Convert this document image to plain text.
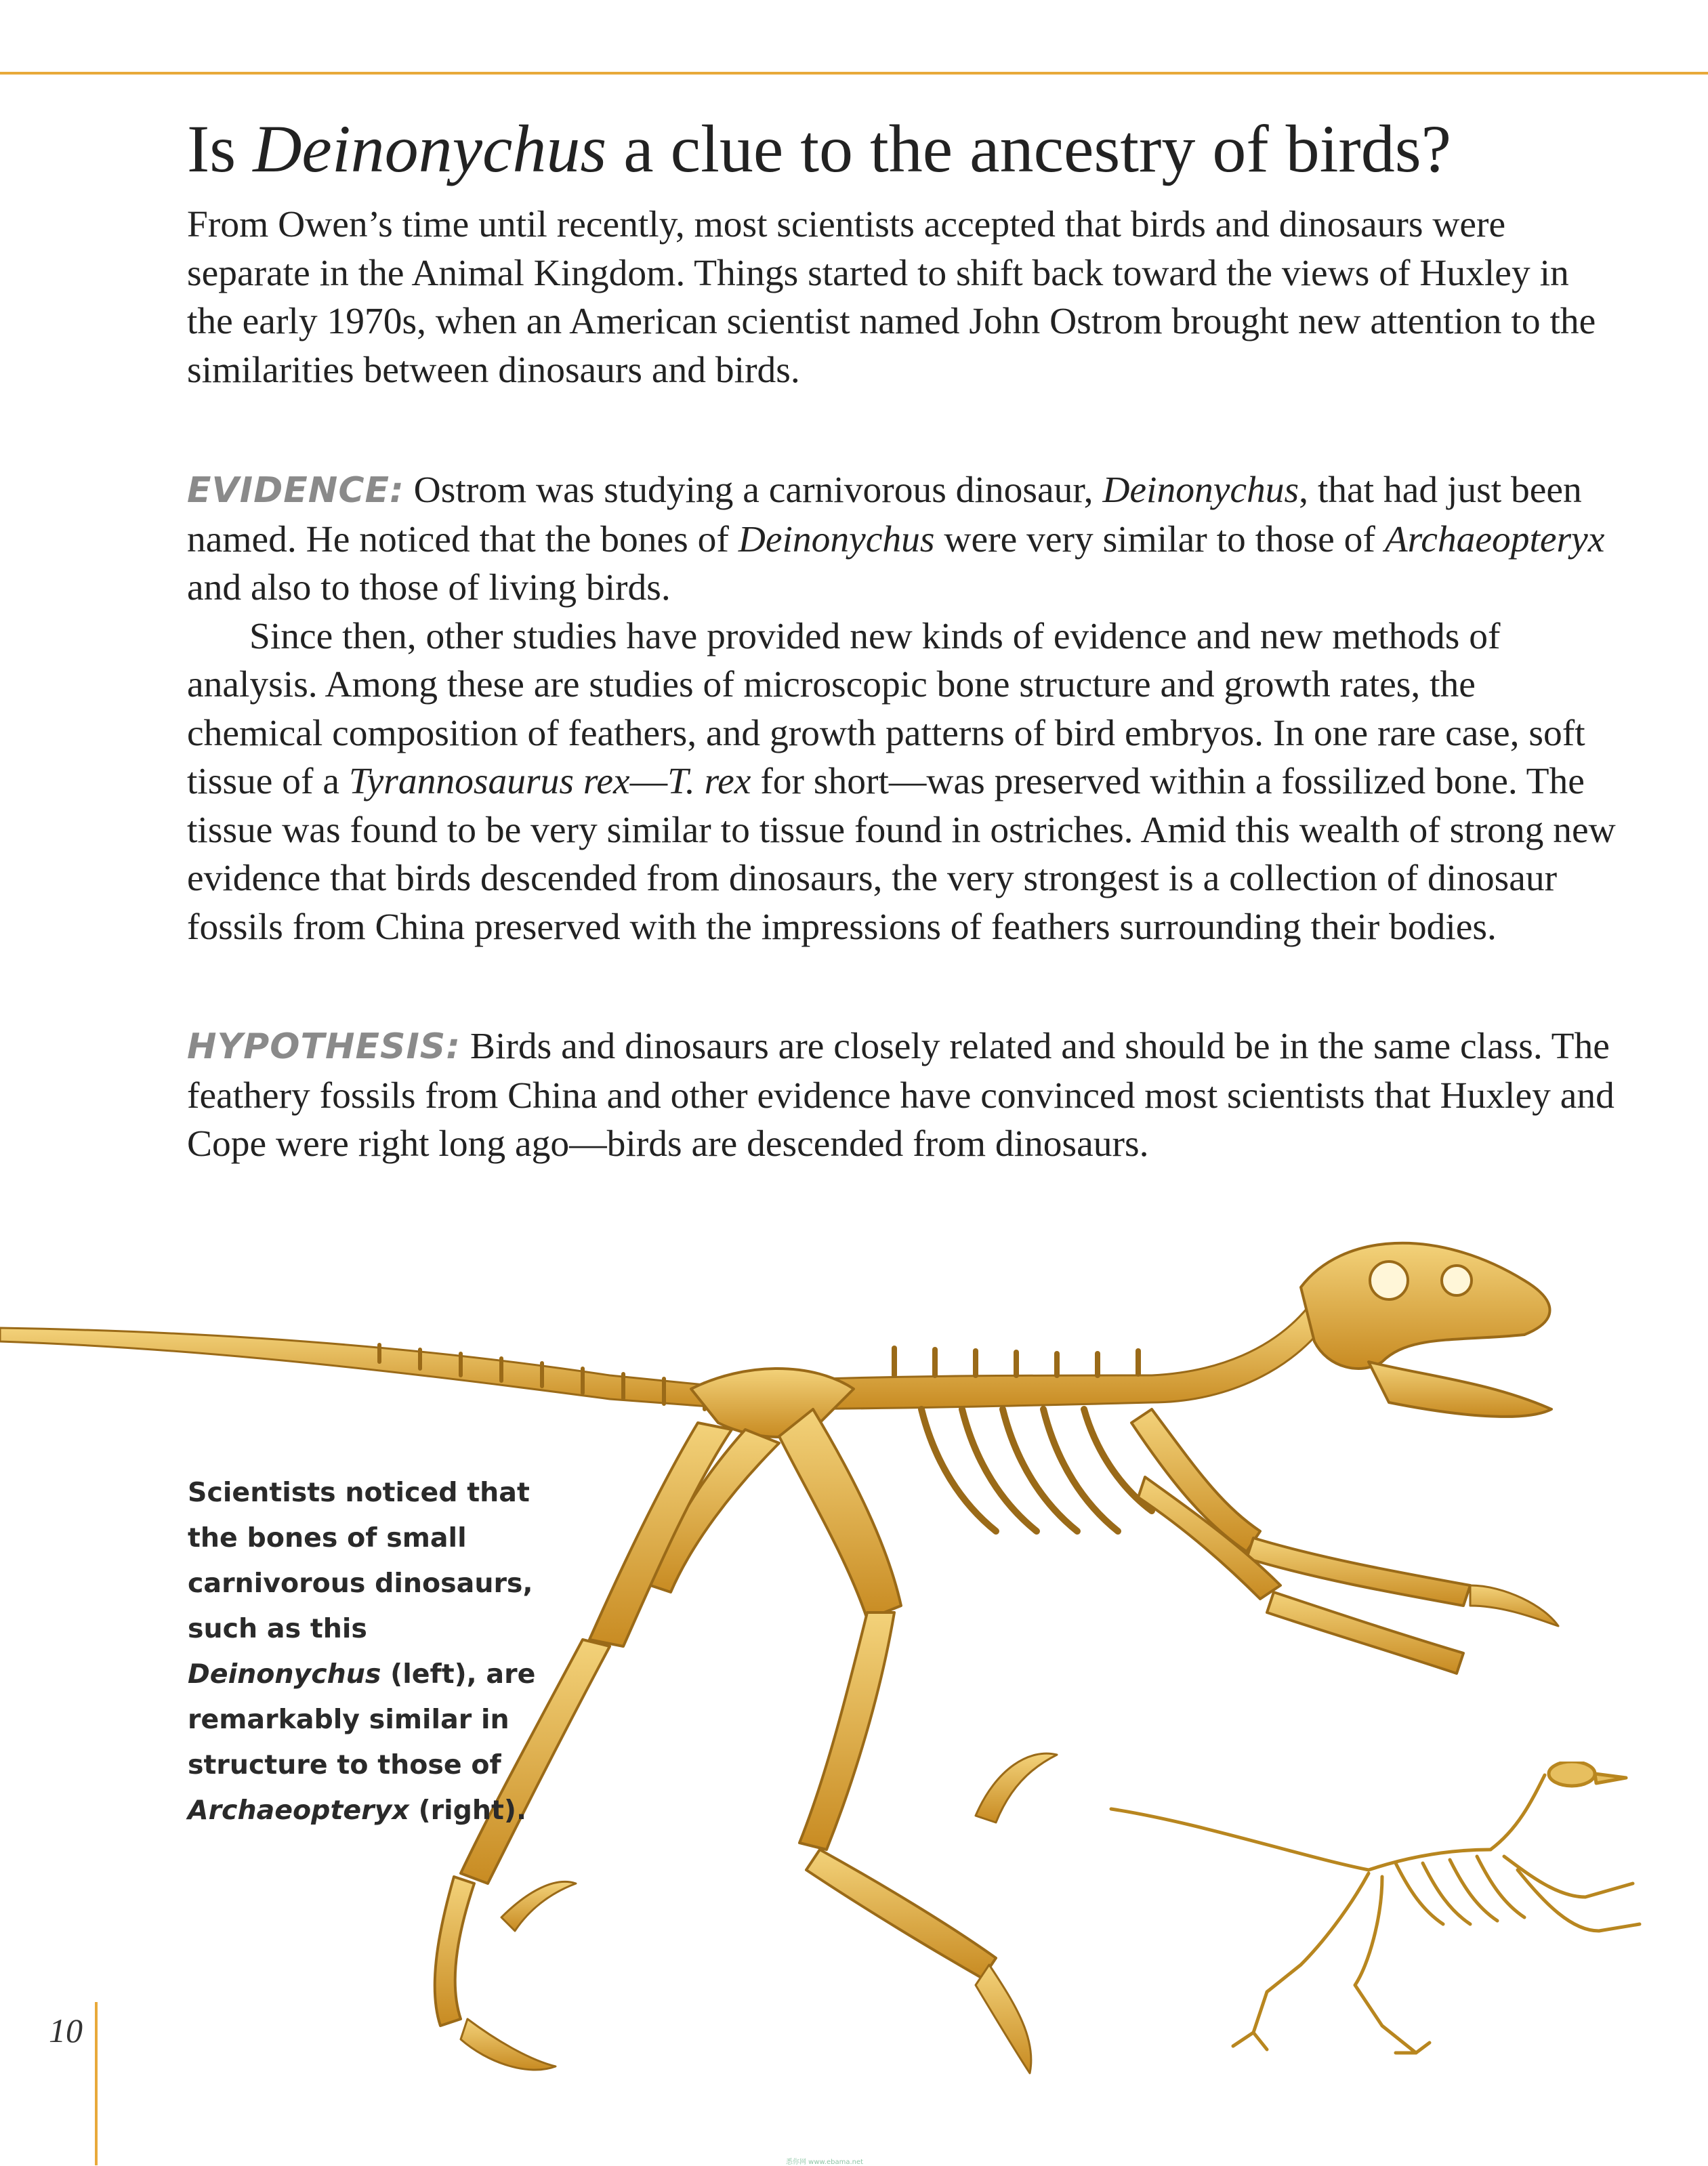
Is Deinonychus a clue to the ancestry of birds?

From Owen’s time until recently, most scientists accepted that birds and dinosaurs were separate in the Animal Kingdom. Things started to shift back toward the views of Huxley in the early 1970s, when an American scientist named John Ostrom brought new attention to the similarities between dinosaurs and birds.

EVIDENCE: Ostrom was studying a carnivorous dinosaur, Deinonychus, that had just been named. He noticed that the bones of Deinonychus were very similar to those of Archaeopteryx and also to those of living birds.

Since then, other studies have provided new kinds of evidence and new methods of analysis. Among these are studies of microscopic bone structure and growth rates, the chemical composition of feathers, and growth patterns of bird embryos. In one rare case, soft tissue of a Tyrannosaurus rex—T. rex for short—was preserved within a fossilized bone. The tissue was found to be very similar to tissue found in ostriches. Amid this wealth of strong new evidence that birds descended from dinosaurs, the very strongest is a collection of dinosaur fossils from China preserved with the impressions of feathers surrounding their bodies.

HYPOTHESIS: Birds and dinosaurs are closely related and should be in the same class. The feathery fossils from China and other evidence have convinced most scientists that Huxley and Cope were right long ago—birds are descended from dinosaurs.

Scientists noticed that the bones of small carnivorous dinosaurs, such as this Deinonychus (left), are remarkably similar in structure to those of Archaeopteryx (right).
10
悉你网 www.ebama.net
